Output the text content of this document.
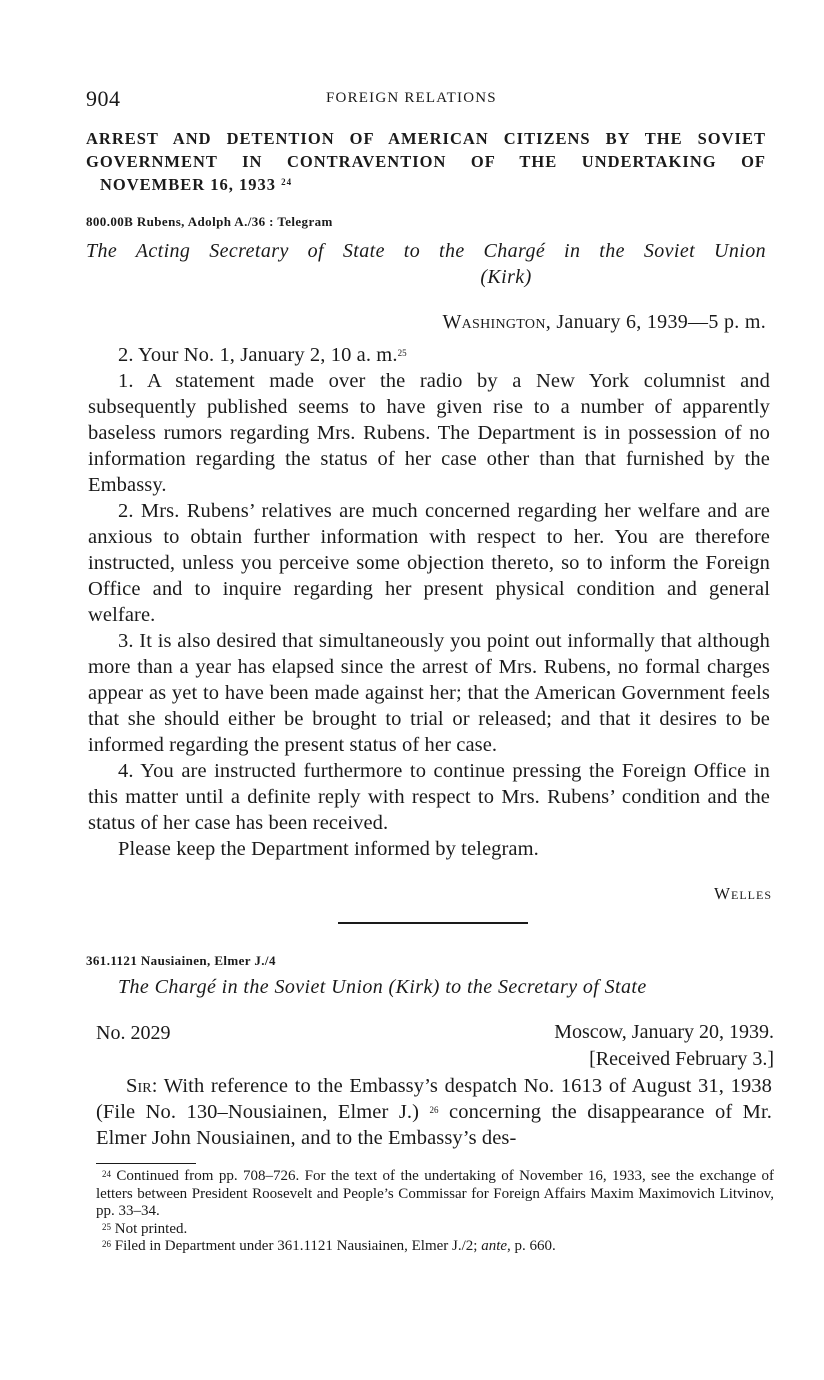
904	FOREIGN RELATIONS
ARREST AND DETENTION OF AMERICAN CITIZENS BY THE SOVIET
GOVERNMENT IN CONTRAVENTION OF THE UNDERTAKING OF
NOVEMBER 16, 1933 $^{24}$
800.00B Rubens, Adolph A./36 : Telegram
The Acting Secretary of State to the Chargé in the Soviet Union
(Kirk)
Washington, January 6, 1939—5 p. m.

2. Your No. 1, January 2, 10 a. m.$^{25}$

1. A statement made over the radio by a New York columnist and subsequently published seems to have given rise to a number of apparently baseless rumors regarding Mrs. Rubens. The Department is in possession of no information regarding the status of her case other than that furnished by the Embassy.

2. Mrs. Rubens’ relatives are much concerned regarding her welfare and are anxious to obtain further information with respect to her. You are therefore instructed, unless you perceive some objection thereto, so to inform the Foreign Office and to inquire regarding her present physical condition and general welfare.

3. It is also desired that simultaneously you point out informally that although more than a year has elapsed since the arrest of Mrs. Rubens, no formal charges appear as yet to have been made against her; that the American Government feels that she should either be brought to trial or released; and that it desires to be informed regarding the present status of her case.

4. You are instructed furthermore to continue pressing the Foreign Office in this matter until a definite reply with respect to Mrs. Rubens’ condition and the status of her case has been received.

Please keep the Department informed by telegram.

Welles
361.1121 Nausiainen, Elmer J./4
The Chargé in the Soviet Union (Kirk) to the Secretary of State
No. 2029	Moscow, January 20, 1939.
[Received February 3.]

Sir: With reference to the Embassy’s despatch No. 1613 of August 31, 1938 (File No. 130–Nousiainen, Elmer J.) $^{26}$ concerning the disappearance of Mr. Elmer John Nousiainen, and to the Embassy’s des-

$^{24}$ Continued from pp. 708–726. For the text of the undertaking of November 16, 1933, see the exchange of letters between President Roosevelt and People’s Commissar for Foreign Affairs Maxim Maximovich Litvinov, pp. 33–34.

$^{25}$ Not printed.

$^{26}$ Filed in Department under 361.1121 Nausiainen, Elmer J./2; ante, p. 660.
